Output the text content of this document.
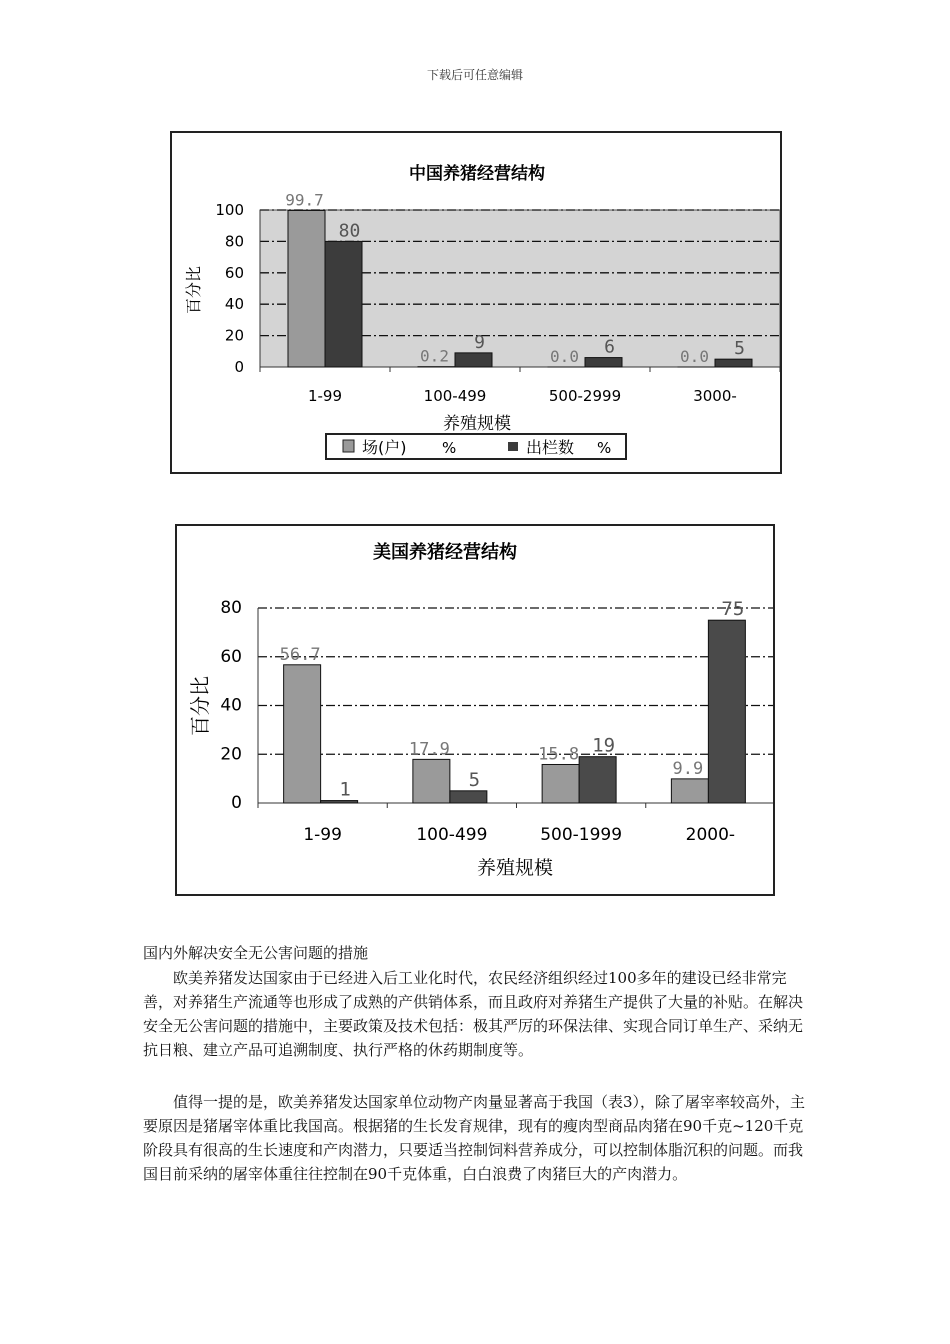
下载后可任意编辑
0
20
40
60
80
100
1-99
99.7
80
100-499
0.2
9
500-2999
0.0 6
3000-
0.0 5
中国养猪经营结构
百分比
养殖规模
场(户) %	出栏数 %
0
20
40
60
80
1-99
56.7
1
100-499
17.9
5
500-1999
15.8 19
2000-
9.9
75
美国养猪经营结构
百分比
养殖规模
国内外解决安全无公害问题的措施

欧美养猪发达国家由于已经进入后工业化时代，农民经济组织经过100多年的建设已经非常完善，对养猪生产流通等也形成了成熟的产供销体系，而且政府对养猪生产提供了大量的补贴。在解决安全无公害问题的措施中，主要政策及技术包括：极其严厉的环保法律、实现合同订单生产、采纳无抗日粮、建立产品可追溯制度、执行严格的休药期制度等。

值得一提的是，欧美养猪发达国家单位动物产肉量显著高于我国（表3），除了屠宰率较高外，主要原因是猪屠宰体重比我国高。根据猪的生长发育规律，现有的瘦肉型商品肉猪在90千克~120千克阶段具有很高的生长速度和产肉潜力，只要适当控制饲料营养成分，可以控制体脂沉积的问题。而我国目前采纳的屠宰体重往往控制在90千克体重，白白浪费了肉猪巨大的产肉潜力。
